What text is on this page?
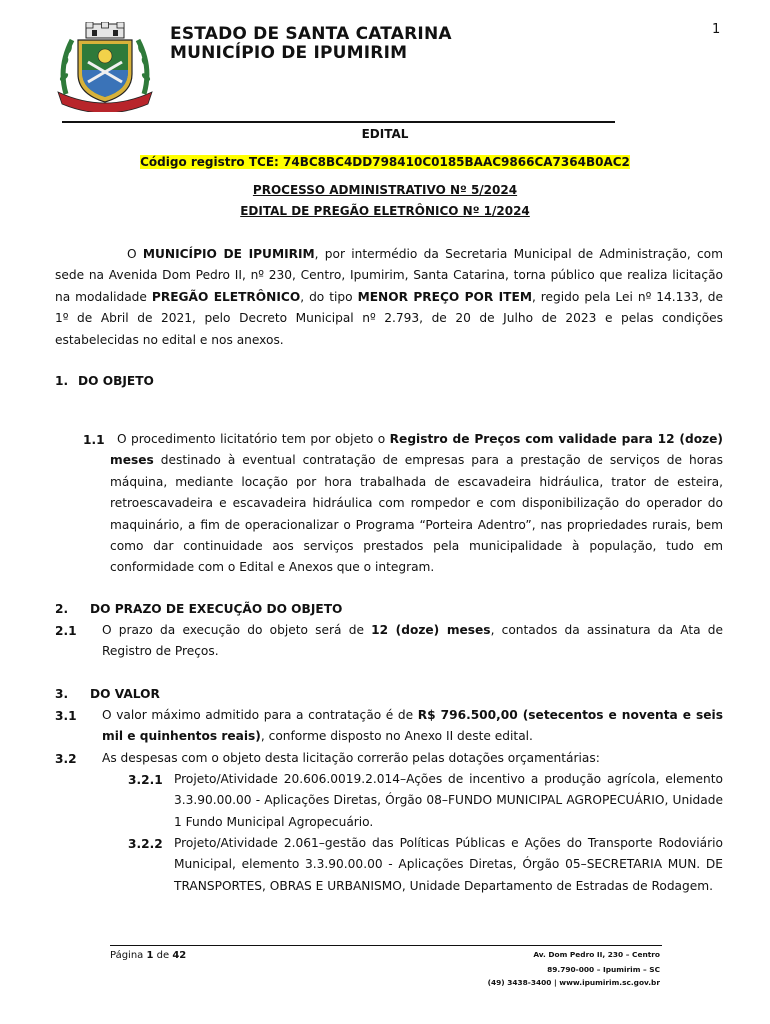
ESTADO DE SANTA CATARINA
MUNICÍPIO DE IPUMIRIM
1
EDITAL
Código registro TCE: 74BC8BC4DD798410C0185BAAC9866CA7364B0AC2
PROCESSO ADMINISTRATIVO Nº 5/2024
EDITAL DE PREGÃO ELETRÔNICO Nº 1/2024
O MUNICÍPIO DE IPUMIRIM, por intermédio da Secretaria Municipal de Administração, com sede na Avenida Dom Pedro II, nº 230, Centro, Ipumirim, Santa Catarina, torna público que realiza licitação na modalidade PREGÃO ELETRÔNICO, do tipo MENOR PREÇO POR ITEM, regido pela Lei nº 14.133, de 1º de Abril de 2021, pelo Decreto Municipal nº 2.793, de 20 de Julho de 2023 e pelas condições estabelecidas no edital e nos anexos.
1. DO OBJETO
1.1	O procedimento licitatório tem por objeto o Registro de Preços com validade para 12 (doze) meses destinado à eventual contratação de empresas para a prestação de serviços de horas máquina, mediante locação por hora trabalhada de escavadeira hidráulica, trator de esteira, retroescavadeira e escavadeira hidráulica com rompedor e com disponibilização do operador do maquinário, a fim de operacionalizar o Programa “Porteira Adentro”, nas propriedades rurais, bem como dar continuidade aos serviços prestados pela municipalidade à população, tudo em conformidade com o Edital e Anexos que o integram.
2. DO PRAZO DE EXECUÇÃO DO OBJETO
2.1 O prazo da execução do objeto será de 12 (doze) meses, contados da assinatura da Ata de Registro de Preços.
3. DO VALOR
3.1 O valor máximo admitido para a contratação é de R$ 796.500,00 (setecentos e noventa e seis mil e quinhentos reais), conforme disposto no Anexo II deste edital.
3.2 As despesas com o objeto desta licitação correrão pelas dotações orçamentárias:
3.2.1 Projeto/Atividade 20.606.0019.2.014–Ações de incentivo a produção agrícola, elemento 3.3.90.00.00 - Aplicações Diretas, Órgão 08–FUNDO MUNICIPAL AGROPECUÁRIO, Unidade 1 Fundo Municipal Agropecuário.
3.2.2 Projeto/Atividade 2.061–gestão das Políticas Públicas e Ações do Transporte Rodoviário Municipal, elemento 3.3.90.00.00 - Aplicações Diretas, Órgão 05–SECRETARIA MUN. DE TRANSPORTES, OBRAS E URBANISMO, Unidade Departamento de Estradas de Rodagem.
Página 1 de 42	Av. Dom Pedro II, 230 – Centro
89.790-000 – Ipumirim – SC
(49) 3438-3400 | www.ipumirim.sc.gov.br
